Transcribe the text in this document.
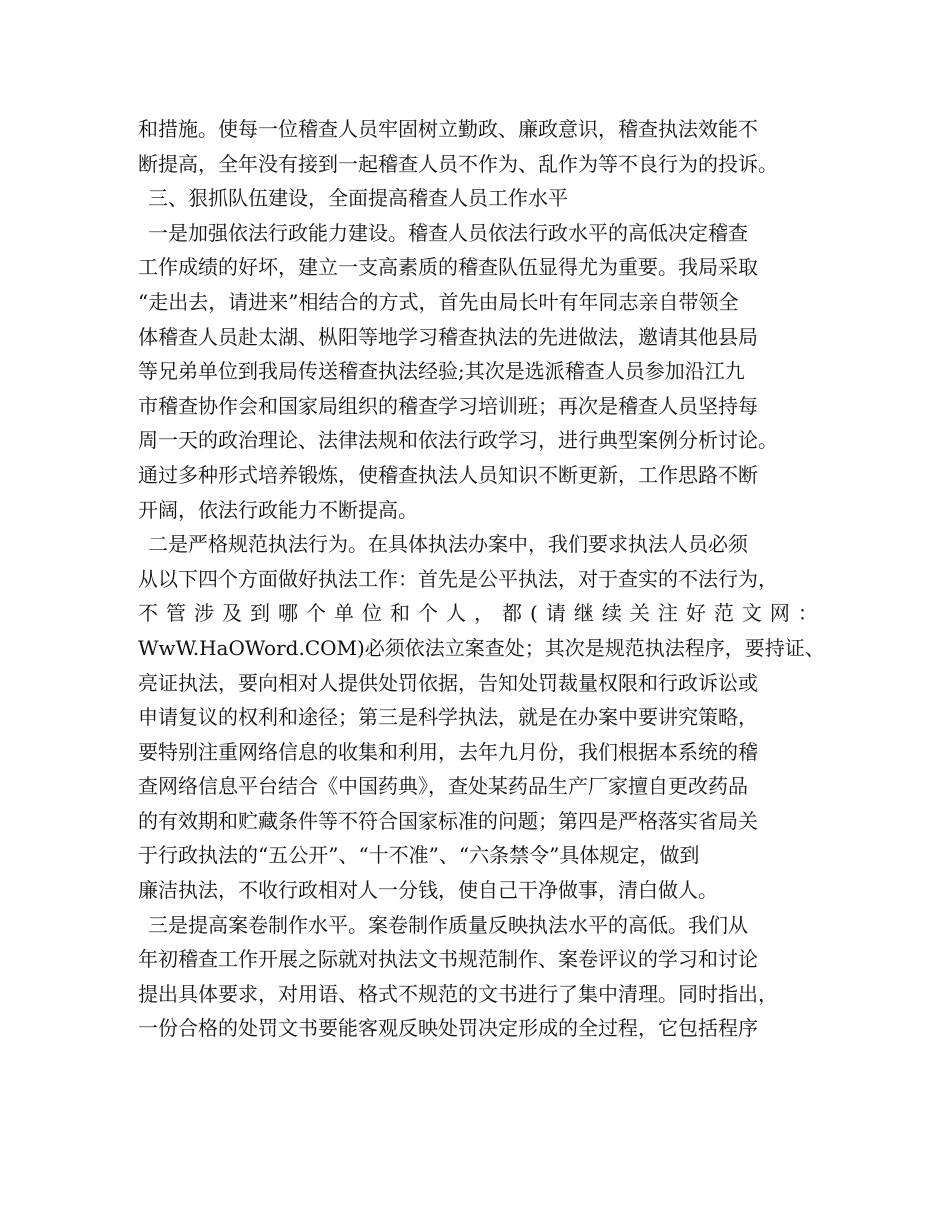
和措施。使每一位稽查人员牢固树立勤政、廉政意识，稽查执法效能不
断提高，全年没有接到一起稽查人员不作为、乱作为等不良行为的投诉。
三、狠抓队伍建设，全面提高稽查人员工作水平
一是加强依法行政能力建设。稽查人员依法行政水平的高低决定稽查
工作成绩的好坏，建立一支高素质的稽查队伍显得尤为重要。我局采取
“走出去，请进来”相结合的方式，首先由局长叶有年同志亲自带领全
体稽查人员赴太湖、枞阳等地学习稽查执法的先进做法，邀请其他县局
等兄弟单位到我局传送稽查执法经验;其次是选派稽查人员参加沿江九
市稽查协作会和国家局组织的稽查学习培训班；再次是稽查人员坚持每
周一天的政治理论、法律法规和依法行政学习，进行典型案例分析讨论。
通过多种形式培养锻炼，使稽查执法人员知识不断更新，工作思路不断
开阔，依法行政能力不断提高。
二是严格规范执法行为。在具体执法办案中，我们要求执法人员必须
从以下四个方面做好执法工作：首先是公平执法，对于查实的不法行为，
不 管 涉 及 到 哪 个 单 位 和 个 人 ， 都 ( 请 继 续 关 注 好 范 文 网 ：
WwW.HaOWord.COM)必须依法立案查处；其次是规范执法程序，要持证、
亮证执法，要向相对人提供处罚依据，告知处罚裁量权限和行政诉讼或
申请复议的权利和途径；第三是科学执法，就是在办案中要讲究策略，
要特别注重网络信息的收集和利用，去年九月份，我们根据本系统的稽
查网络信息平台结合《中国药典》，查处某药品生产厂家擅自更改药品
的有效期和贮藏条件等不符合国家标准的问题；第四是严格落实省局关
于行政执法的“五公开”、“十不准”、“六条禁令”具体规定，做到
廉洁执法，不收行政相对人一分钱，使自己干净做事，清白做人。
三是提高案卷制作水平。案卷制作质量反映执法水平的高低。我们从
年初稽查工作开展之际就对执法文书规范制作、案卷评议的学习和讨论
提出具体要求，对用语、格式不规范的文书进行了集中清理。同时指出，
一份合格的处罚文书要能客观反映处罚决定形成的全过程，它包括程序
